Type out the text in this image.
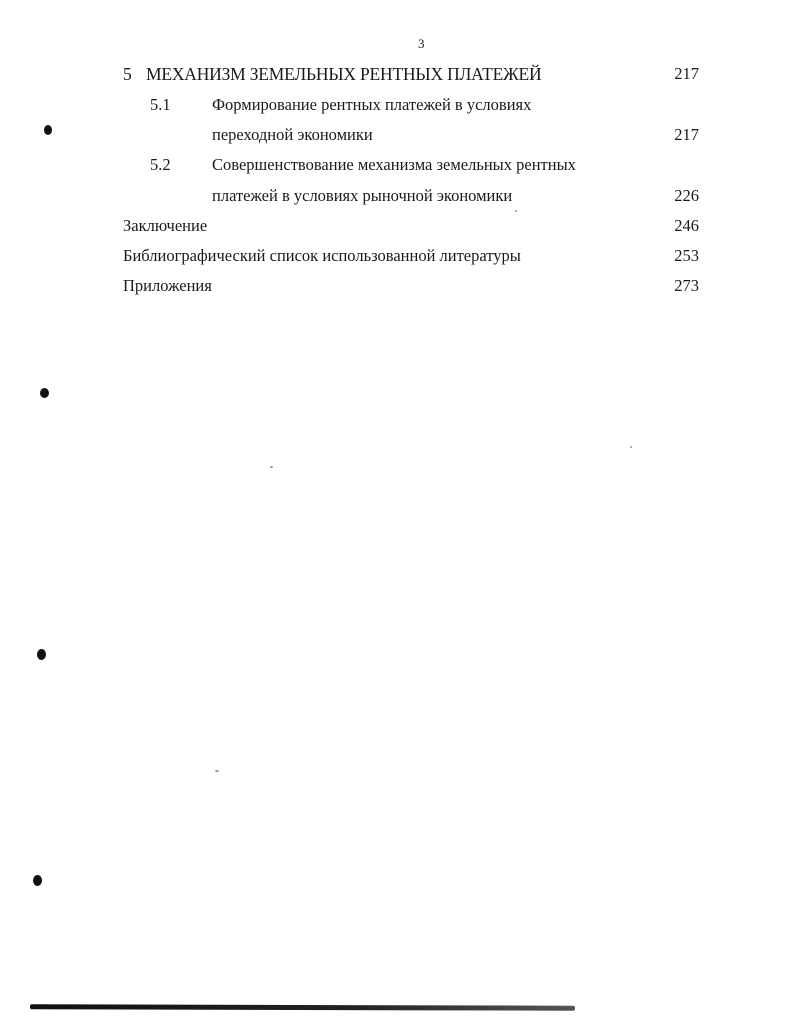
3
5 МЕХАНИЗМ ЗЕМЕЛЬНЫХ РЕНТНЫХ ПЛАТЕЖЕЙ	217
5.1	Формирование рентных платежей в условиях
переходной экономики	217
5.2	Совершенствование механизма земельных рентных
платежей в условиях рыночной экономики	226
Заключение	246
Библиографический список использованной литературы	253
Приложения	273
